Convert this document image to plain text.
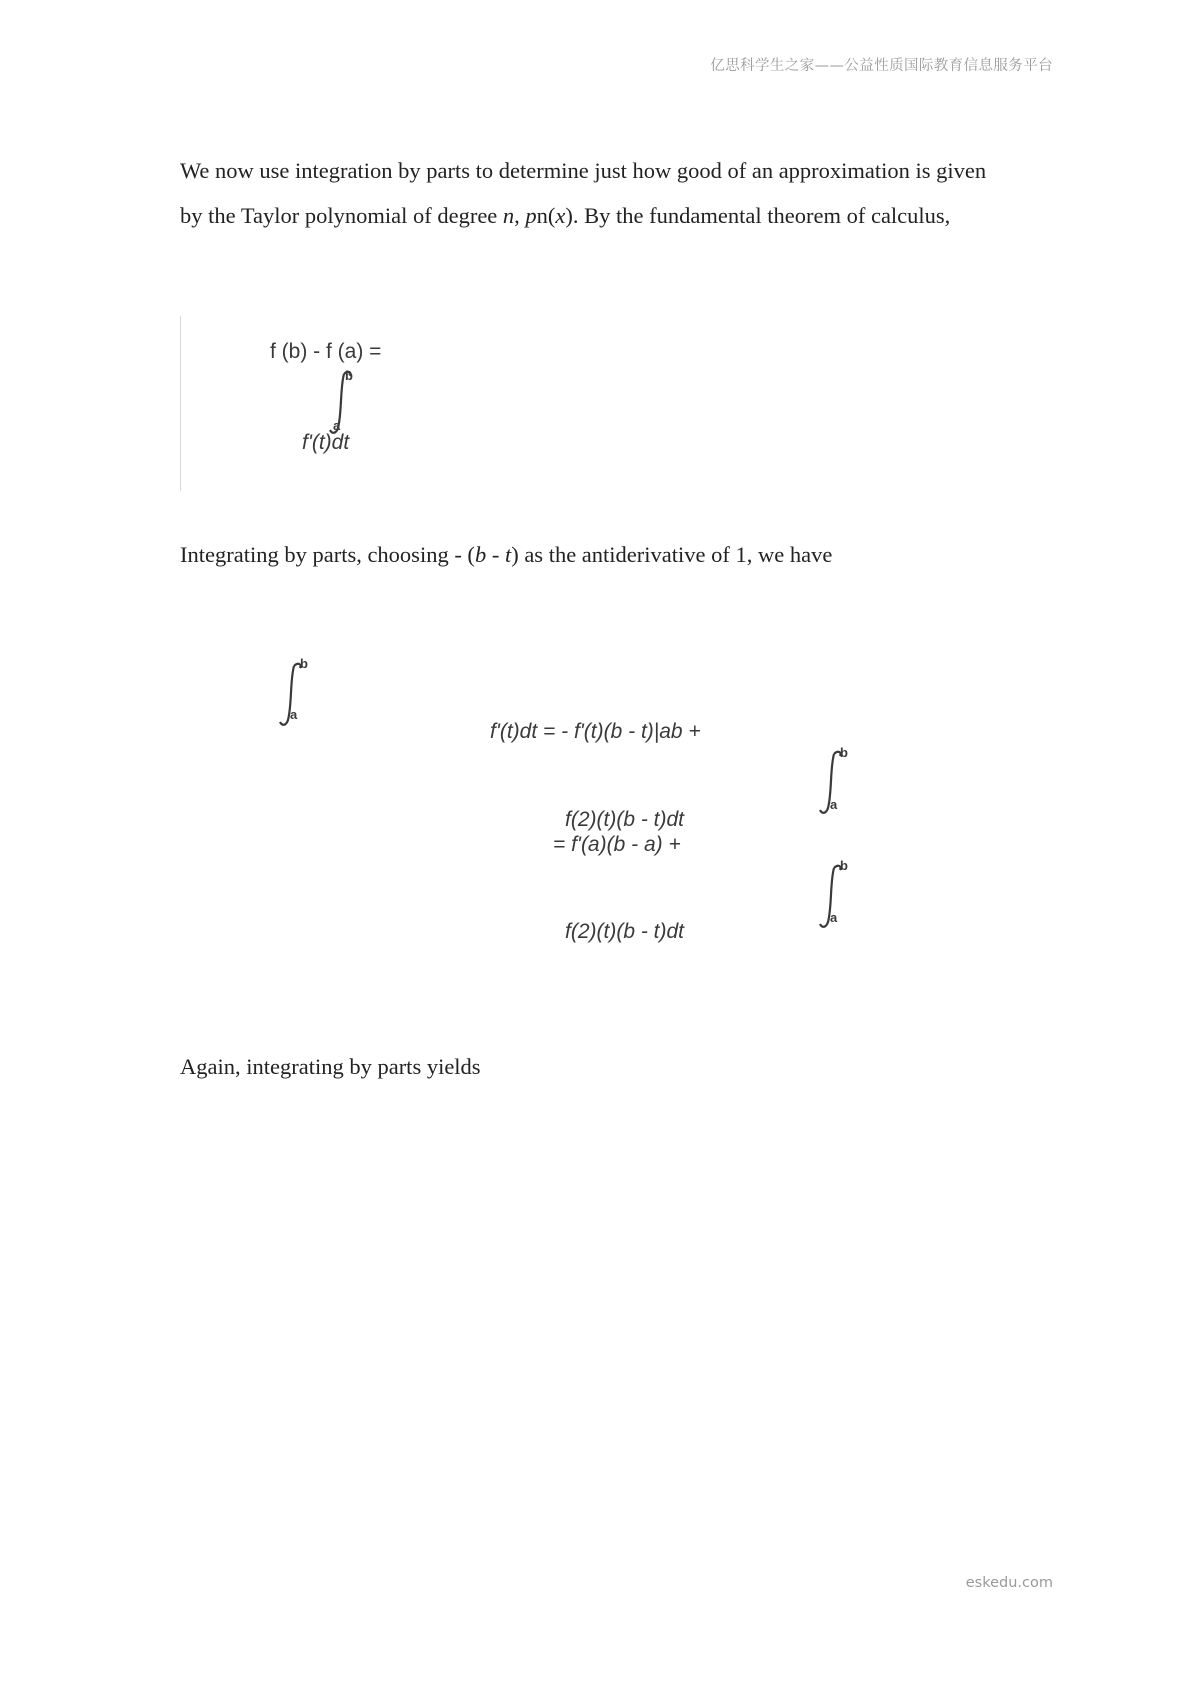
亿思科学生之家——公益性质国际教育信息服务平台

We now use integration by parts to determine just how good of an approximation is given by the Taylor polynomial of degree n, pn(x). By the fundamental theorem of calculus,

f (b) - f (a) =
b
a
f'(t)dt

Integrating by parts, choosing - (b - t) as the antiderivative of 1, we have

b
a
f'(t)dt = - f'(t)(b - t)|ab +
b
a
f(2)(t)(b - t)dt
= f'(a)(b - a) +
b
a
f(2)(t)(b - t)dt

Again, integrating by parts yields

eskedu.com
